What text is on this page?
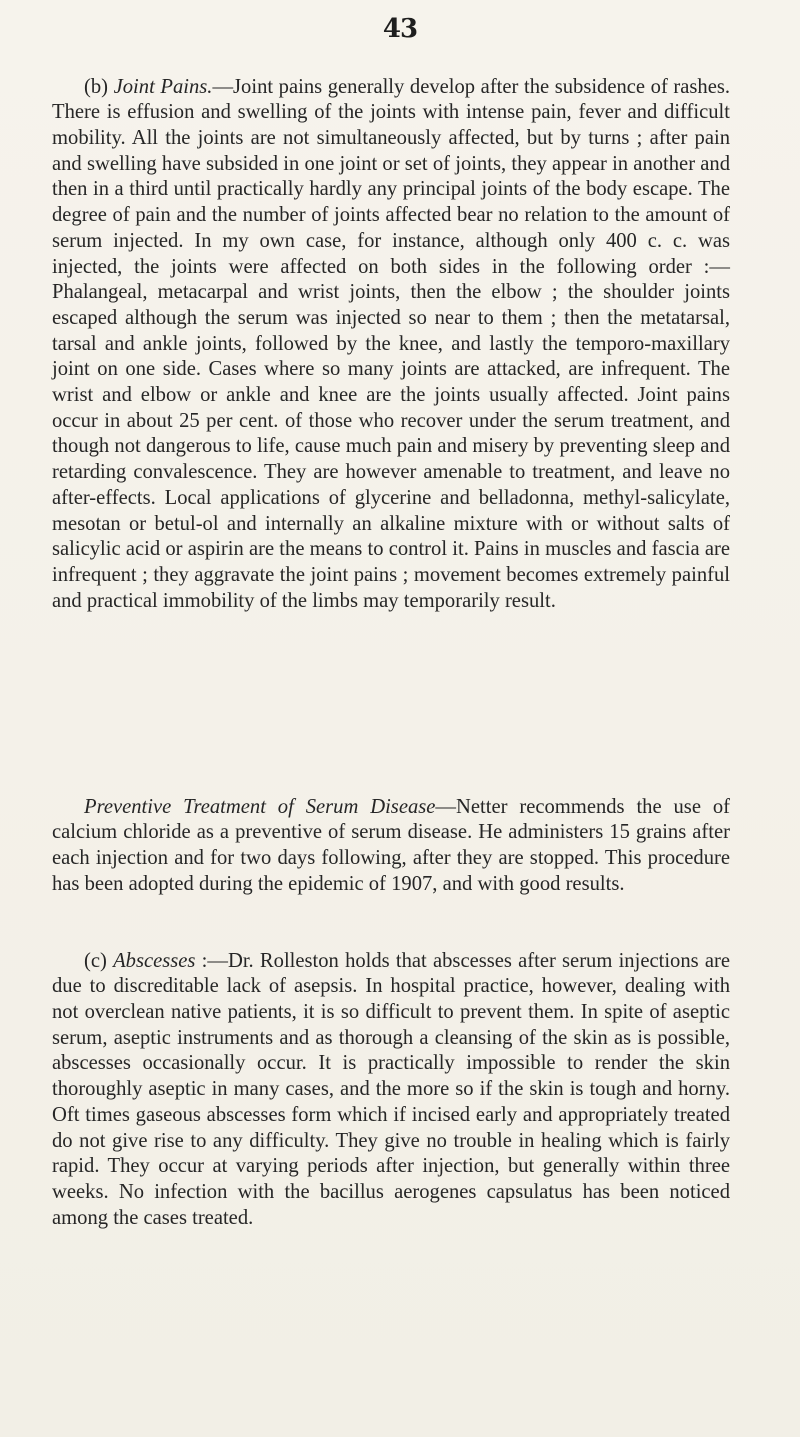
43

(b) Joint Pains.—Joint pains generally develop after the subsidence of rashes. There is effusion and swelling of the joints with intense pain, fever and difficult mobility. All the joints are not simultaneously affected, but by turns ; after pain and swelling have subsided in one joint or set of joints, they appear in another and then in a third until practically hardly any principal joints of the body escape. The degree of pain and the number of joints affected bear no relation to the amount of serum injected. In my own case, for instance, although only 400 c. c. was injected, the joints were affected on both sides in the following order :—Phalangeal, metacarpal and wrist joints, then the elbow ; the shoulder joints escaped although the serum was injected so near to them ; then the metatarsal, tarsal and ankle joints, followed by the knee, and lastly the temporo-maxillary joint on one side. Cases where so many joints are attacked, are infrequent. The wrist and elbow or ankle and knee are the joints usually affected. Joint pains occur in about 25 per cent. of those who recover under the serum treatment, and though not dangerous to life, cause much pain and misery by preventing sleep and retarding convalescence. They are however amenable to treatment, and leave no after-effects. Local applications of glycerine and belladonna, methyl-salicylate, mesotan or betul-ol and internally an alkaline mixture with or without salts of salicylic acid or aspirin are the means to control it. Pains in muscles and fascia are infrequent ; they aggravate the joint pains ; movement becomes extremely painful and practical immobility of the limbs may temporarily result.

Preventive Treatment of Serum Disease—Netter recommends the use of calcium chloride as a preventive of serum disease. He administers 15 grains after each injection and for two days following, after they are stopped. This procedure has been adopted during the epidemic of 1907, and with good results.

(c) Abscesses :—Dr. Rolleston holds that abscesses after serum injections are due to discreditable lack of asepsis. In hospital practice, however, dealing with not overclean native patients, it is so difficult to prevent them. In spite of aseptic serum, aseptic instruments and as thorough a cleansing of the skin as is possible, abscesses occasionally occur. It is practically impossible to render the skin thoroughly aseptic in many cases, and the more so if the skin is tough and horny. Oft times gaseous abscesses form which if incised early and appropriately treated do not give rise to any difficulty. They give no trouble in healing which is fairly rapid. They occur at varying periods after injection, but generally within three weeks. No infection with the bacillus aerogenes capsulatus has been noticed among the cases treated.
